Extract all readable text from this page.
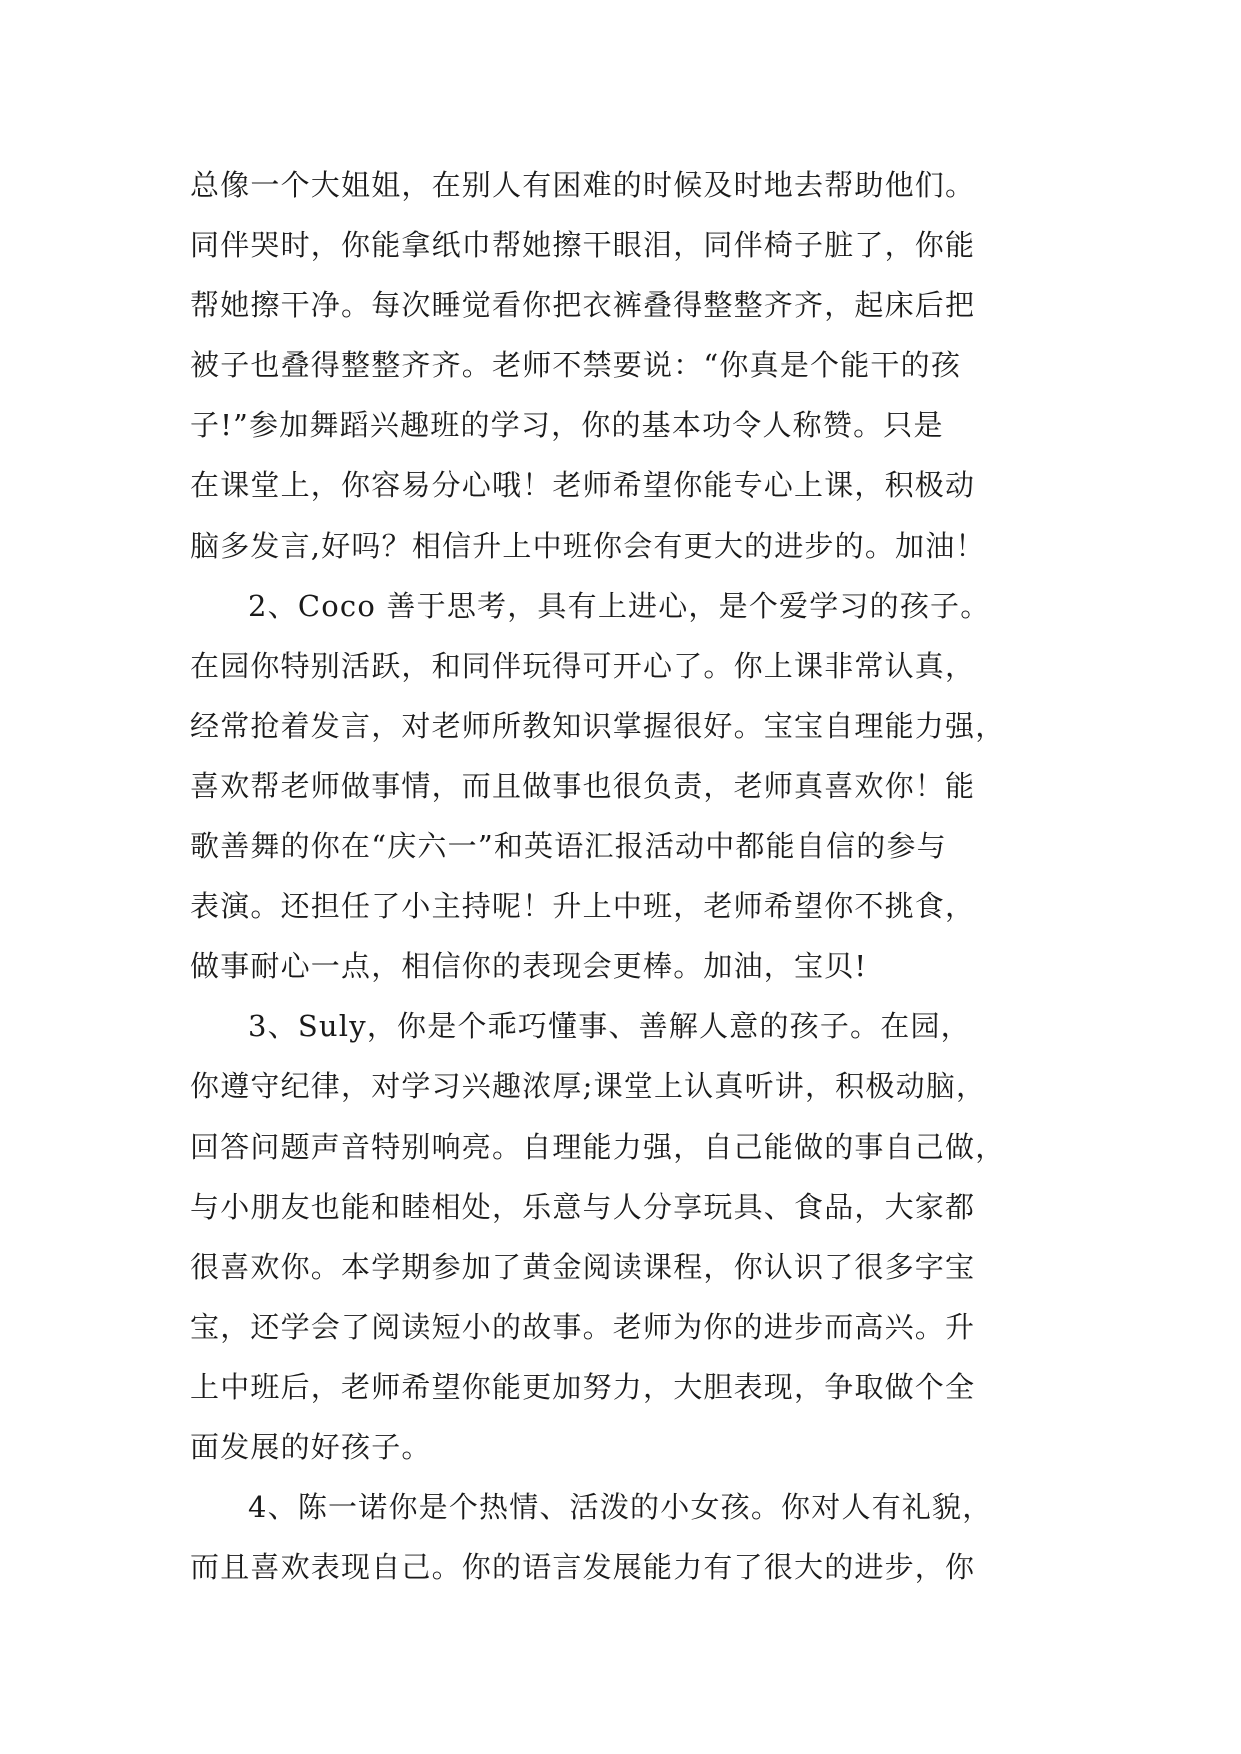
总像一个大姐姐，在别人有困难的时候及时地去帮助他们。
同伴哭时，你能拿纸巾帮她擦干眼泪，同伴椅子脏了，你能
帮她擦干净。每次睡觉看你把衣裤叠得整整齐齐，起床后把
被子也叠得整整齐齐。老师不禁要说：“你真是个能干的孩
子!”参加舞蹈兴趣班的学习，你的基本功令人称赞。只是
在课堂上，你容易分心哦！老师希望你能专心上课，积极动
脑多发言,好吗？相信升上中班你会有更大的进步的。加油！
2、Coco 善于思考，具有上进心，是个爱学习的孩子。
在园你特别活跃，和同伴玩得可开心了。你上课非常认真，
经常抢着发言，对老师所教知识掌握很好。宝宝自理能力强，
喜欢帮老师做事情，而且做事也很负责，老师真喜欢你！能
歌善舞的你在“庆六一”和英语汇报活动中都能自信的参与
表演。还担任了小主持呢！升上中班，老师希望你不挑食，
做事耐心一点，相信你的表现会更棒。加油，宝贝!
3、Suly，你是个乖巧懂事、善解人意的孩子。在园，
你遵守纪律，对学习兴趣浓厚;课堂上认真听讲，积极动脑，
回答问题声音特别响亮。自理能力强，自己能做的事自己做，
与小朋友也能和睦相处，乐意与人分享玩具、食品，大家都
很喜欢你。本学期参加了黄金阅读课程，你认识了很多字宝
宝，还学会了阅读短小的故事。老师为你的进步而高兴。升
上中班后，老师希望你能更加努力，大胆表现，争取做个全
面发展的好孩子。
4、陈一诺你是个热情、活泼的小女孩。你对人有礼貌，
而且喜欢表现自己。你的语言发展能力有了很大的进步，你
